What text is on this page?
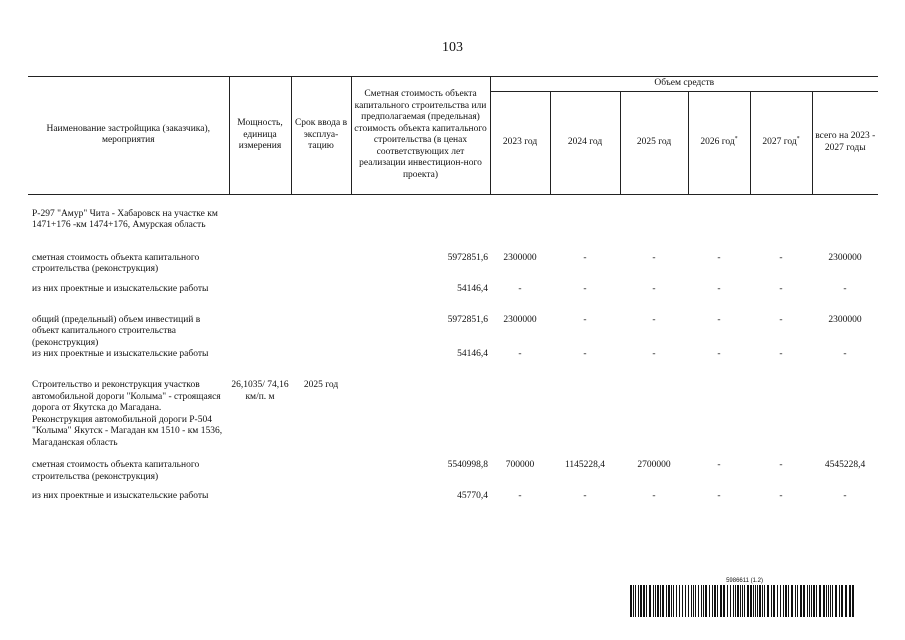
103
Наименование застройщика (заказчика), мероприятия	Мощность, единица измерения	Срок ввода в эксплуа-тацию	Сметная стоимость объекта капитального строительства или предполагаемая (предельная) стоимость объекта капитального строительства (в ценах соответствующих лет реализации инвестицион-ного проекта)	Объем средств					
				2023 год	2024 год	2025 год	2026 год*	2027 год*	всего на 2023 - 2027 годы

Р-297 "Амур" Чита - Хабаровск на участке км 1471+176 -км 1474+176, Амурская область									
сметная стоимость объекта капитального строительства (реконструкция)			5972851,6	2300000	-	-	-	-	2300000
из них проектные и изыскательские работы			54146,4	-	-	-	-	-	-
общий (предельный) объем инвестиций в объект капитального строительства (реконструкция)			5972851,6	2300000	-	-	-	-	2300000
из них проектные и изыскательские работы			54146,4	-	-	-	-	-	-
Строительство и реконструкция участков автомобильной дороги "Колыма" - строящаяся дорога от Якутска до Магадана. Реконструкция автомобильной дороги Р-504 "Колыма" Якутск - Магадан км 1510 - км 1536, Магаданская область	26,1035/ 74,16 км/п. м	2025 год							
сметная стоимость объекта капитального строительства (реконструкция)			5540998,8	700000	1145228,4	2700000	-	-	4545228,4
из них проектные и изыскательские работы			45770,4	-	-	-	-	-	-
5986611 (1.2)
